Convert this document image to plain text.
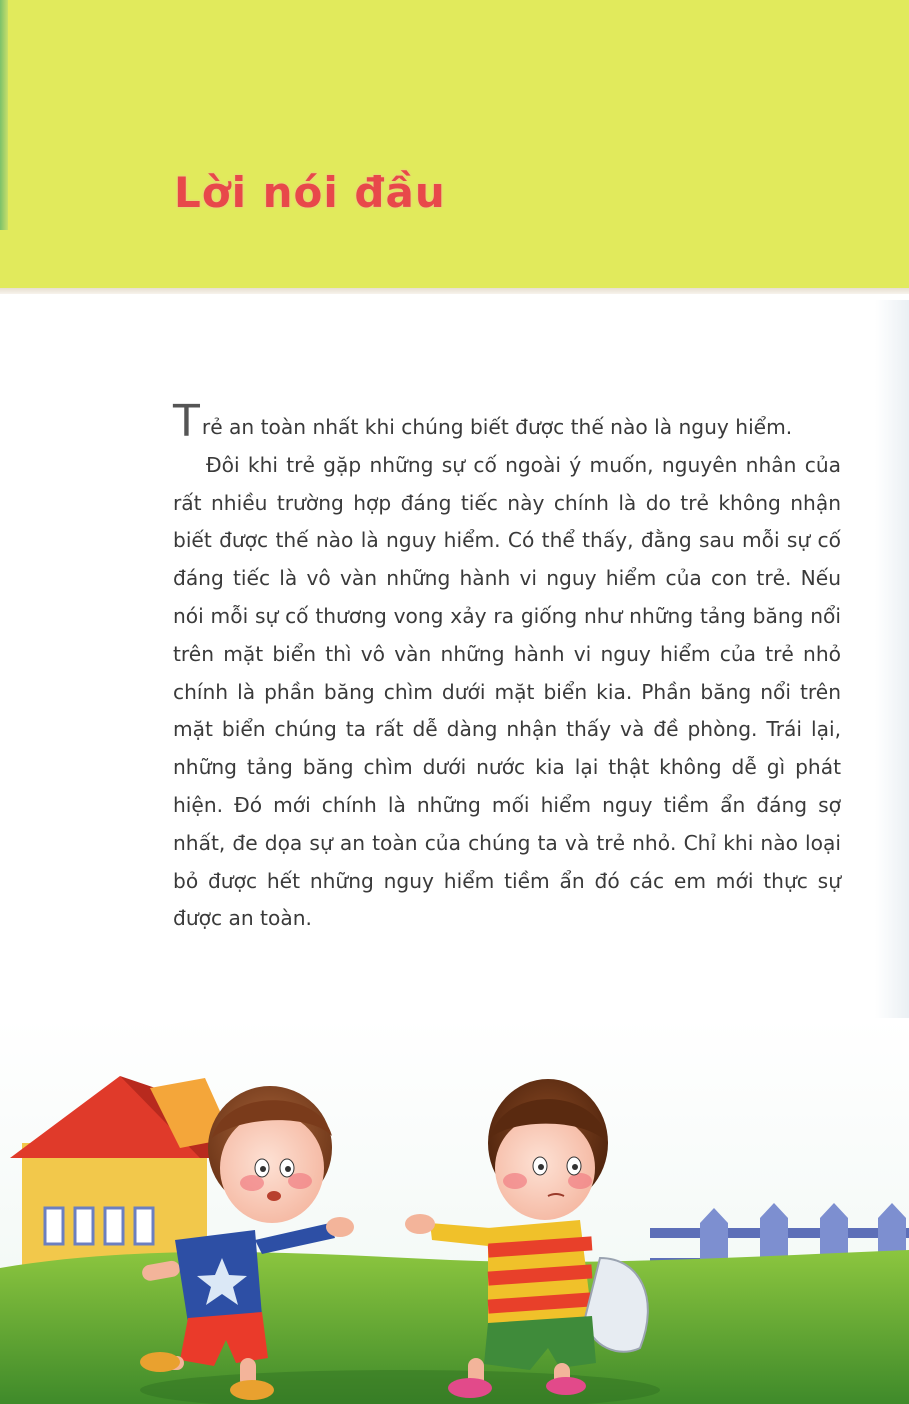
Lời nói đầu

Trẻ an toàn nhất khi chúng biết được thế nào là nguy hiểm.

Đôi khi trẻ gặp những sự cố ngoài ý muốn, nguyên nhân của rất nhiều trường hợp đáng tiếc này chính là do trẻ không nhận biết được thế nào là nguy hiểm. Có thể thấy, đằng sau mỗi sự cố đáng tiếc là vô vàn những hành vi nguy hiểm của con trẻ. Nếu nói mỗi sự cố thương vong xảy ra giống như những tảng băng nổi trên mặt biển thì vô vàn những hành vi nguy hiểm của trẻ nhỏ chính là phần băng chìm dưới mặt biển kia. Phần băng nổi trên mặt biển chúng ta rất dễ dàng nhận thấy và đề phòng. Trái lại, những tảng băng chìm dưới nước kia lại thật không dễ gì phát hiện. Đó mới chính là những mối hiểm nguy tiềm ẩn đáng sợ nhất, đe dọa sự an toàn của chúng ta và trẻ nhỏ. Chỉ khi nào loại bỏ được hết những nguy hiểm tiềm ẩn đó các em mới thực sự được an toàn.
